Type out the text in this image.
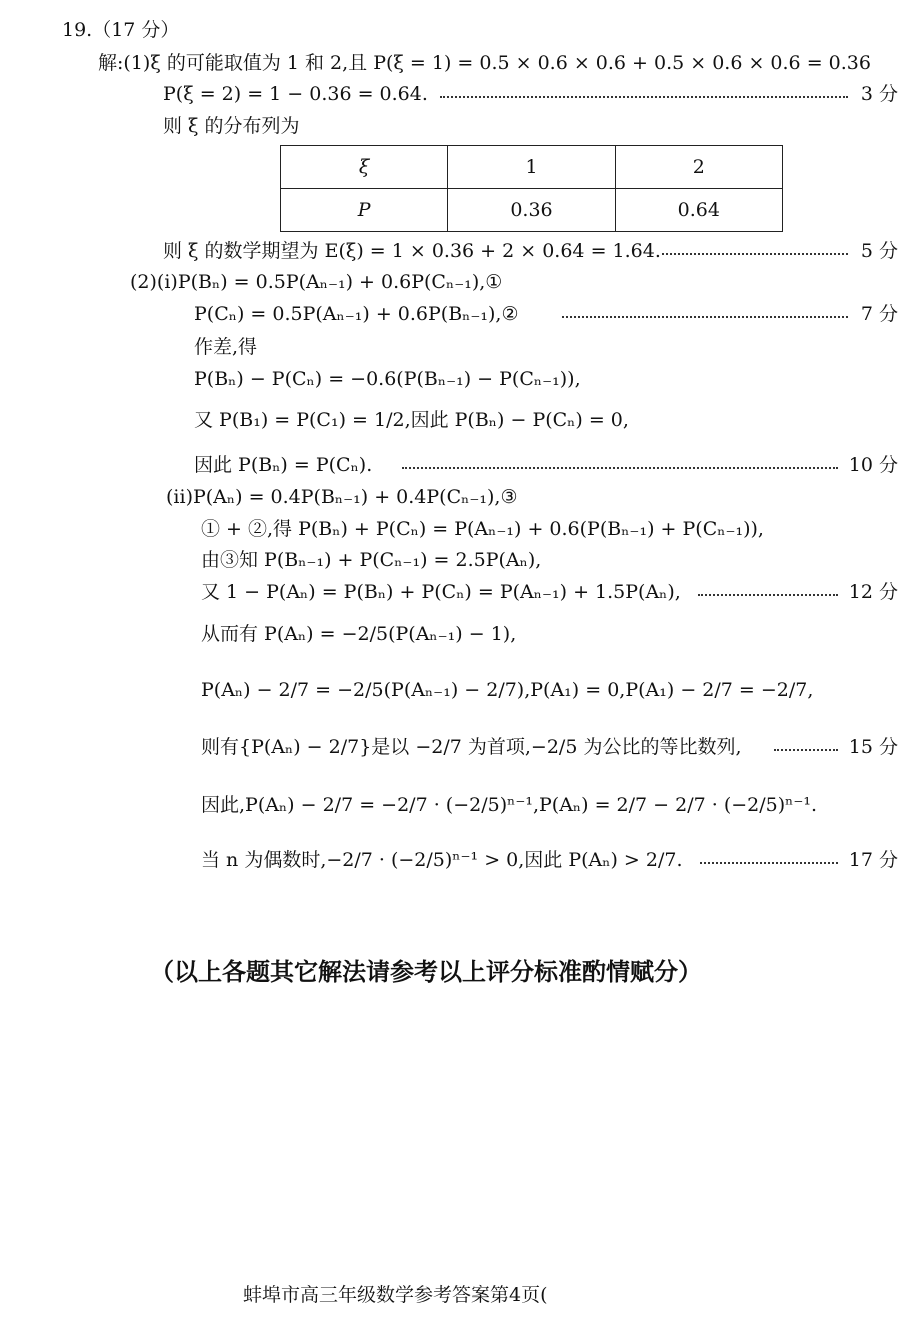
19.（17 分）
解:(1)ξ 的可能取值为 1 和 2,且 P(ξ = 1) = 0.5 × 0.6 × 0.6 + 0.5 × 0.6 × 0.6 = 0.36
P(ξ = 2) = 1 − 0.36 = 0.64.	3 分
则 ξ 的分布列为
ξ	1	2
P	0.36	0.64
则 ξ 的数学期望为 E(ξ) = 1 × 0.36 + 2 × 0.64 = 1.64.	5 分
(2)(i)P(Bₙ) = 0.5P(Aₙ₋₁) + 0.6P(Cₙ₋₁),①
P(Cₙ) = 0.5P(Aₙ₋₁) + 0.6P(Bₙ₋₁),②	7 分
作差,得
P(Bₙ) − P(Cₙ) = −0.6(P(Bₙ₋₁) − P(Cₙ₋₁)),
又 P(B₁) = P(C₁) = 1/2,因此 P(Bₙ) − P(Cₙ) = 0,
因此 P(Bₙ) = P(Cₙ).	10 分
(ii)P(Aₙ) = 0.4P(Bₙ₋₁) + 0.4P(Cₙ₋₁),③
① + ②,得 P(Bₙ) + P(Cₙ) = P(Aₙ₋₁) + 0.6(P(Bₙ₋₁) + P(Cₙ₋₁)),
由③知 P(Bₙ₋₁) + P(Cₙ₋₁) = 2.5P(Aₙ),
又 1 − P(Aₙ) = P(Bₙ) + P(Cₙ) = P(Aₙ₋₁) + 1.5P(Aₙ),	12 分
从而有 P(Aₙ) = −2/5(P(Aₙ₋₁) − 1),
P(Aₙ) − 2/7 = −2/5(P(Aₙ₋₁) − 2/7),P(A₁) = 0,P(A₁) − 2/7 = −2/7,
则有{P(Aₙ) − 2/7}是以 −2/7 为首项,−2/5 为公比的等比数列,	15 分
因此,P(Aₙ) − 2/7 = −2/7 · (−2/5)ⁿ⁻¹,P(Aₙ) = 2/7 − 2/7 · (−2/5)ⁿ⁻¹.
当 n 为偶数时,−2/7 · (−2/5)ⁿ⁻¹ > 0,因此 P(Aₙ) > 2/7.	17 分
（以上各题其它解法请参考以上评分标准酌情赋分）
蚌埠市高三年级数学参考答案第4页(
